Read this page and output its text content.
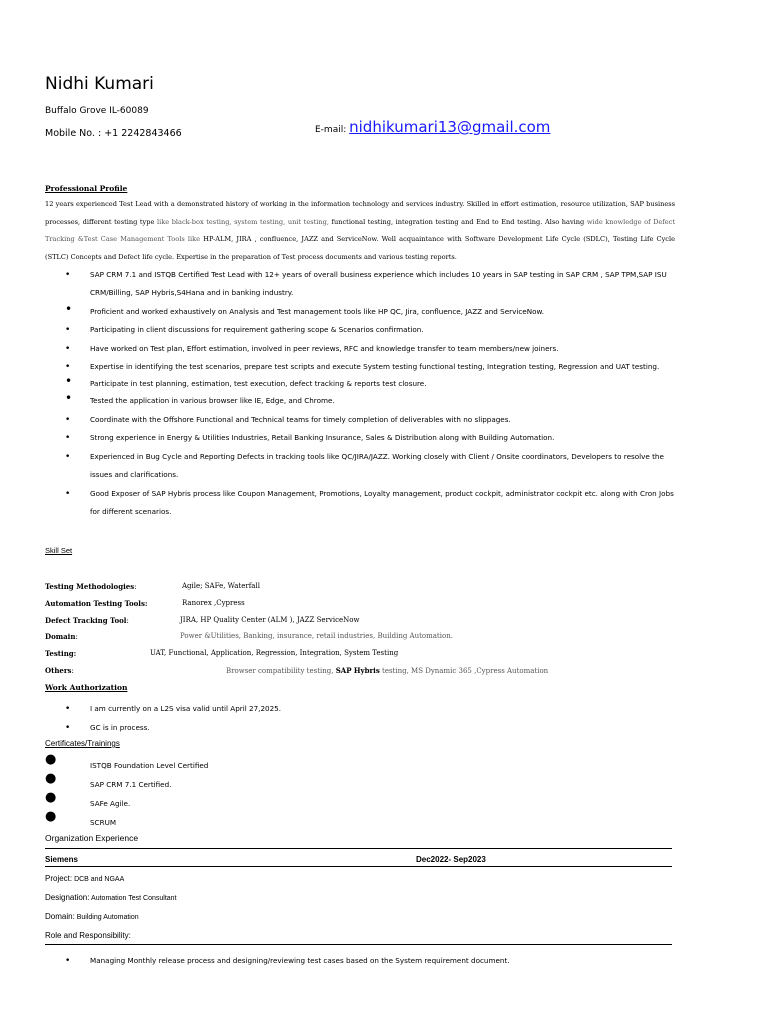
Nidhi Kumari
Buffalo Grove IL-60089
Mobile No. : +1 2242843466	E-mail: nidhikumari13@gmail.com
Professional Profile
12 years experienced Test Lead with a demonstrated history of working in the information technology and services industry. Skilled in effort estimation, resource utilization, SAP business processes, different testing type like black-box testing, system testing, unit testing, functional testing, integration testing and End to End testing. Also having wide knowledge of Defect Tracking &Test Case Management Tools like HP-ALM, JIRA , confluence, JAZZ and ServiceNow. Well acquaintance with Software Development Life Cycle (SDLC), Testing Life Cycle (STLC) Concepts and Defect life cycle. Expertise in the preparation of Test process documents and various testing reports.
•	SAP CRM 7.1 and ISTQB Certified Test Lead with 12+ years of overall business experience which includes 10 years in SAP testing in SAP CRM , SAP TPM,SAP ISU CRM/Billing, SAP Hybris,S4Hana and in banking industry.
• Proficient and worked exhaustively on Analysis and Test management tools like HP QC, Jira, confluence, JAZZ and ServiceNow.
•	Participating in client discussions for requirement gathering scope & Scenarios confirmation.
•	Have worked on Test plan, Effort estimation, involved in peer reviews, RFC and knowledge transfer to team members/new joiners.
•	Expertise in identifying the test scenarios, prepare test scripts and execute System testing functional testing, Integration testing, Regression and UAT testing.
• Participate in test planning, estimation, test execution, defect tracking & reports test closure.
• Tested the application in various browser like IE, Edge, and Chrome.
•	Coordinate with the Offshore Functional and Technical teams for timely completion of deliverables with no slippages.
•	Strong experience in Energy & Utilities Industries, Retail Banking Insurance, Sales & Distribution along with Building Automation.
•	Experienced in Bug Cycle and Reporting Defects in tracking tools like QC/JIRA/JAZZ. Working closely with Client / Onsite coordinators, Developers to resolve the issues and clarifications.
•	Good Exposer of SAP Hybris process like Coupon Management, Promotions, Loyalty management, product cockpit, administrator cockpit etc. along with Cron Jobs for different scenarios.
Skill Set
Testing Methodologies:	Agile; SAFe, Waterfall
Automation Testing Tools:	Ranorex ,Cypress
Defect Tracking Tool:	JIRA, HP Quality Center (ALM ), JAZZ ServiceNow
Domain:	Power &Utilities, Banking, insurance, retail industries, Building Automation.
Testing:	UAT, Functional, Application, Regression, Integration, System Testing
Others:	Browser compatibility testing, SAP Hybris testing, MS Dynamic 365 ,Cypress Automation
Work Authorization
•	I am currently on a L2S visa valid until April 27,2025.
•	GC is in process.
Certificates/Trainings
●	ISTQB Foundation Level Certified
●	SAP CRM 7.1 Certified.
●	SAFe Agile.
●	SCRUM
Organization Experience
Siemens	Dec2022- Sep2023
Project: DCB and NGAA
Designation: Automation Test Consultant
Domain: Building Automation
Role and Responsibility:
•	Managing Monthly release process and designing/reviewing test cases based on the System requirement document.
